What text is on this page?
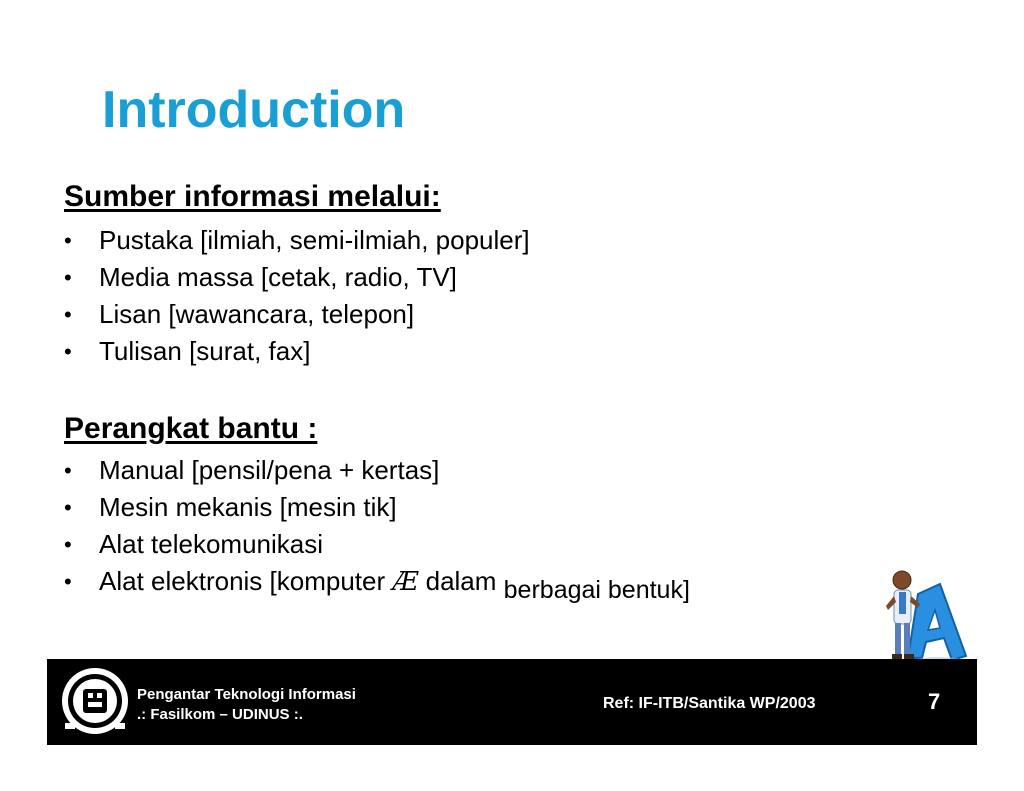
Introduction
Sumber informasi melalui:
• Pustaka [ilmiah, semi-ilmiah, populer]
• Media massa [cetak, radio, TV]
• Lisan [wawancara, telepon]
• Tulisan [surat, fax]
Perangkat bantu :
• Manual [pensil/pena + kertas]
• Mesin mekanis [mesin tik]
• Alat telekomunikasi
• Alat elektronis [komputer Æ dalam berbagai bentuk]
Pengantar Teknologi Informasi
.: Fasilkom – UDINUS :.
Ref: IF-ITB/Santika WP/2003	7
